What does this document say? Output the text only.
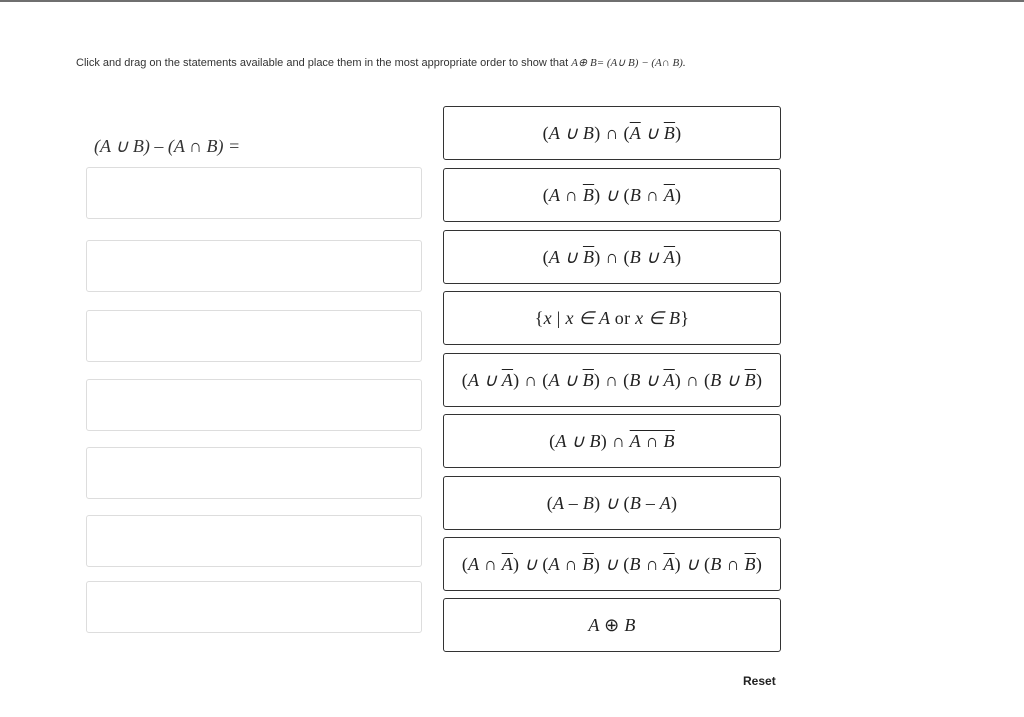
Click and drag on the statements available and place them in the most appropriate order to show that A⊕ B= (A∪ B) − (A∩ B).
(A ∪ B) – (A ∩ B) =
(A ∪ B) ∩ ($\overline{A}$ ∪ $\overline{B}$)
(A ∩ $\overline{B}$) ∪ (B ∩ $\overline{A}$)
(A ∪ $\overline{B}$) ∩ (B ∪ $\overline{A}$)
{x | x ∈ A or x ∈ B}
(A ∪ $\overline{A}$) ∩ (A ∪ $\overline{B}$) ∩ (B ∪ $\overline{A}$) ∩ (B ∪ $\overline{B}$)
(A ∪ B) ∩ A ∩ B
(A – B) ∪ (B – A)
(A ∩ $\overline{A}$) ∪ (A ∩ $\overline{B}$) ∪ (B ∩ $\overline{A}$) ∪ (B ∩ $\overline{B}$)
A ⊕ B
Reset
